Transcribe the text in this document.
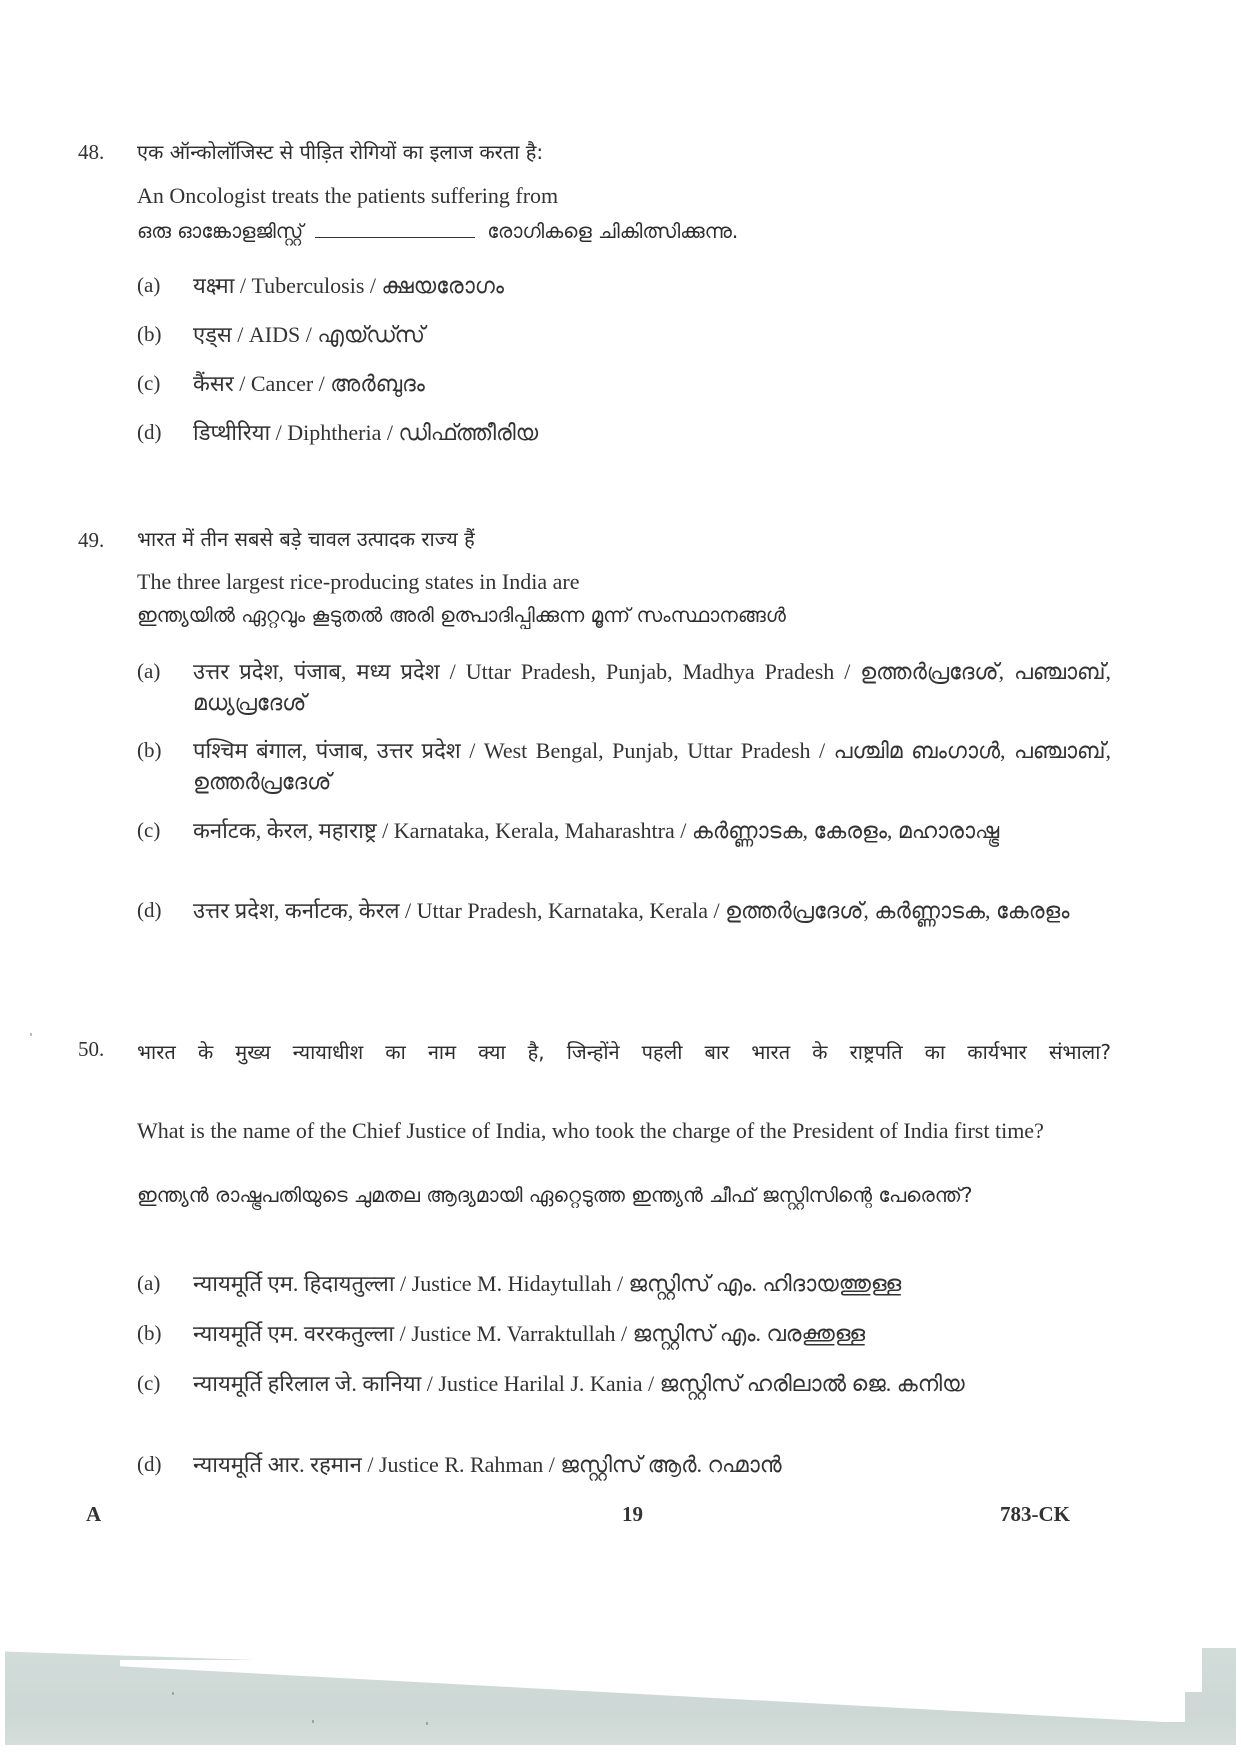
48. एक ऑन्कोलॉजिस्ट से पीड़ित रोगियों का इलाज करता है:
An Oncologist treats the patients suffering from
ഒരു ഓങ്കോളജിസ്റ്റ്	രോഗികളെ ചികിത്സിക്കുന്നു.
(a) यक्ष्मा / Tuberculosis / ക്ഷയരോഗം
(b) एड्स / AIDS / എയ്ഡ്സ്
(c) कैंसर / Cancer / അർബുദം
(d) डिप्थीरिया / Diphtheria / ഡിഫ്ത്തീരിയ
49. भारत में तीन सबसे बड़े चावल उत्पादक राज्य हैं
The three largest rice-producing states in India are
ഇന്ത്യയിൽ ഏറ്റവും കൂടുതൽ അരി ഉത്പാദിപ്പിക്കുന്ന മൂന്ന് സംസ്ഥാനങ്ങൾ
(a) उत्तर प्रदेश, पंजाब, मध्य प्रदेश / Uttar Pradesh, Punjab, Madhya Pradesh / ഉത്തർപ്രദേശ്, പഞ്ചാബ്, മധ്യപ്രദേശ്
(b) पश्चिम बंगाल, पंजाब, उत्तर प्रदेश / West Bengal, Punjab, Uttar Pradesh / പശ്ചിമ ബംഗാൾ, പഞ്ചാബ്, ഉത്തർപ്രദേശ്
(c) कर्नाटक, केरल, महाराष्ट्र / Karnataka, Kerala, Maharashtra / കർണ്ണാടക, കേരളം, മഹാരാഷ്ട്ര
(d) उत्तर प्रदेश, कर्नाटक, केरल / Uttar Pradesh, Karnataka, Kerala / ഉത്തർപ്രദേശ്, കർണ്ണാടക, കേരളം
50. भारत के मुख्य न्यायाधीश का नाम क्या है, जिन्होंने पहली बार भारत के राष्ट्रपति का कार्यभार संभाला?
What is the name of the Chief Justice of India, who took the charge of the President of India first time?
ഇന്ത്യൻ രാഷ്ട്രപതിയുടെ ചുമതല ആദ്യമായി ഏറ്റെടുത്ത ഇന്ത്യൻ ചീഫ് ജസ്റ്റിസിന്റെ പേരെന്ത്?
(a) न्यायमूर्ति एम. हिदायतुल्ला / Justice M. Hidaytullah / ജസ്റ്റിസ് എം. ഹിദായത്തുള്ള
(b) न्यायमूर्ति एम. वररकतुल्ला / Justice M. Varraktullah / ജസ്റ്റിസ് എം. വരക്തുള്ള
(c) न्यायमूर्ति हरिलाल जे. कानिया / Justice Harilal J. Kania / ജസ്റ്റിസ് ഹരിലാൽ ജെ. കനിയ
(d) न्यायमूर्ति आर. रहमान / Justice R. Rahman / ജസ്റ്റിസ് ആർ. റഹ്മാൻ
A	19	783-CK
